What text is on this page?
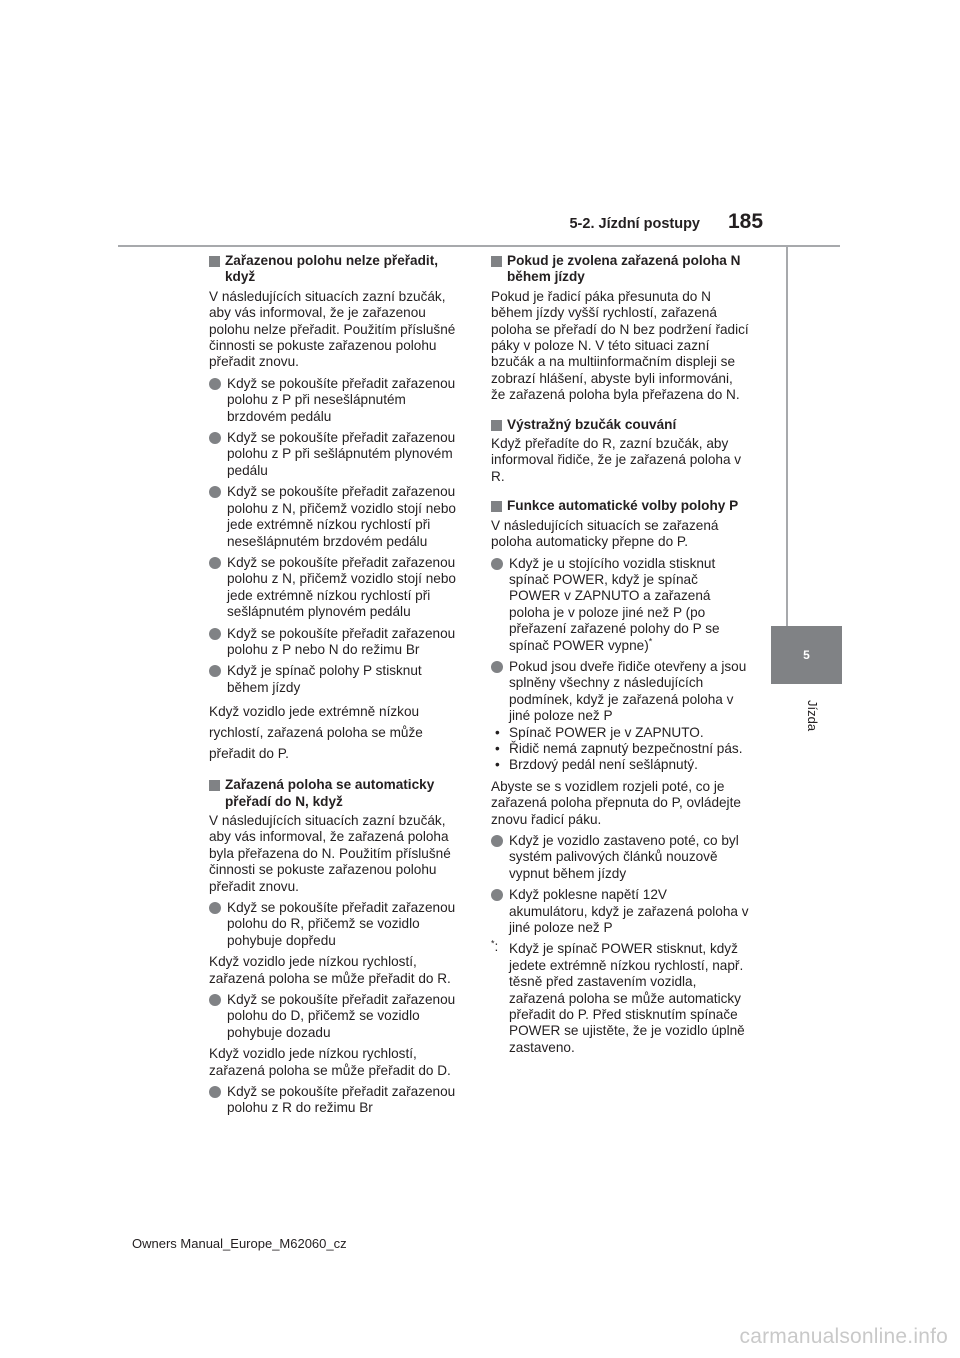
5-2. Jízdní postupy 185
5
Jízda
Zařazenou polohu nelze přeřadit, když

V následujících situacích zazní bzučák, aby vás informoval, že je zařazenou polohu nelze přeřadit. Použitím příslušné činnosti se pokuste zařazenou polohu přeřadit znovu.

Když se pokoušíte přeřadit zařazenou polohu z P při nesešlápnutém brzdovém pedálu
Když se pokoušíte přeřadit zařazenou polohu z P při sešlápnutém plynovém pedálu
Když se pokoušíte přeřadit zařazenou polohu z N, přičemž vozidlo stojí nebo jede extrémně nízkou rychlostí při nesešlápnutém brzdovém pedálu
Když se pokoušíte přeřadit zařazenou polohu z N, přičemž vozidlo stojí nebo jede extrémně nízkou rychlostí při sešlápnutém plynovém pedálu
Když se pokoušíte přeřadit zařazenou polohu z P nebo N do režimu Br
Když je spínač polohy P stisknut během jízdy

Když vozidlo jede extrémně nízkou rychlostí, zařazená poloha se může přeřadit do P.

Zařazená poloha se automaticky přeřadí do N, když

V následujících situacích zazní bzučák, aby vás informoval, že zařazená poloha byla přeřazena do N. Použitím příslušné činnosti se pokuste zařazenou polohu přeřadit znovu.

Když se pokoušíte přeřadit zařazenou polohu do R, přičemž se vozidlo pohybuje dopředu

Když vozidlo jede nízkou rychlostí, zařazená poloha se může přeřadit do R.

Když se pokoušíte přeřadit zařazenou polohu do D, přičemž se vozidlo pohybuje dozadu

Když vozidlo jede nízkou rychlostí, zařazená poloha se může přeřadit do D.

Když se pokoušíte přeřadit zařazenou polohu z R do režimu Br
Pokud je zvolena zařazená poloha N během jízdy

Pokud je řadicí páka přesunuta do N během jízdy vyšší rychlostí, zařazená poloha se přeřadí do N bez podržení řadicí páky v poloze N. V této situaci zazní bzučák a na multiinformačním displeji se zobrazí hlášení, abyste byli informováni, že zařazená poloha byla přeřazena do N.

Výstražný bzučák couvání

Když přeřadíte do R, zazní bzučák, aby informoval řidiče, že je zařazená poloha v R.

Funkce automatické volby polohy P

V následujících situacích se zařazená poloha automaticky přepne do P.

Když je u stojícího vozidla stisknut spínač POWER, když je spínač POWER v ZAPNUTO a zařazená poloha je v poloze jiné než P (po přeřazení zařazené polohy do P se spínač POWER vypne)*
Pokud jsou dveře řidiče otevřeny a jsou splněny všechny z následujících podmínek, když je zařazená poloha v jiné poloze než P
• Spínač POWER je v ZAPNUTO.
• Řidič nemá zapnutý bezpečnostní pás.
• Brzdový pedál není sešlápnutý.

Abyste se s vozidlem rozjeli poté, co je zařazená poloha přepnuta do P, ovládejte znovu řadicí páku.

Když je vozidlo zastaveno poté, co byl systém palivových článků nouzově vypnut během jízdy
Když poklesne napětí 12V akumulátoru, když je zařazená poloha v jiné poloze než P
*: Když je spínač POWER stisknut, když jedete extrémně nízkou rychlostí, např. těsně před zastavením vozidla, zařazená poloha se může automaticky přeřadit do P. Před stisknutím spínače POWER se ujistěte, že je vozidlo úplně zastaveno.
Owners Manual_Europe_M62060_cz
carmanualsonline.info
